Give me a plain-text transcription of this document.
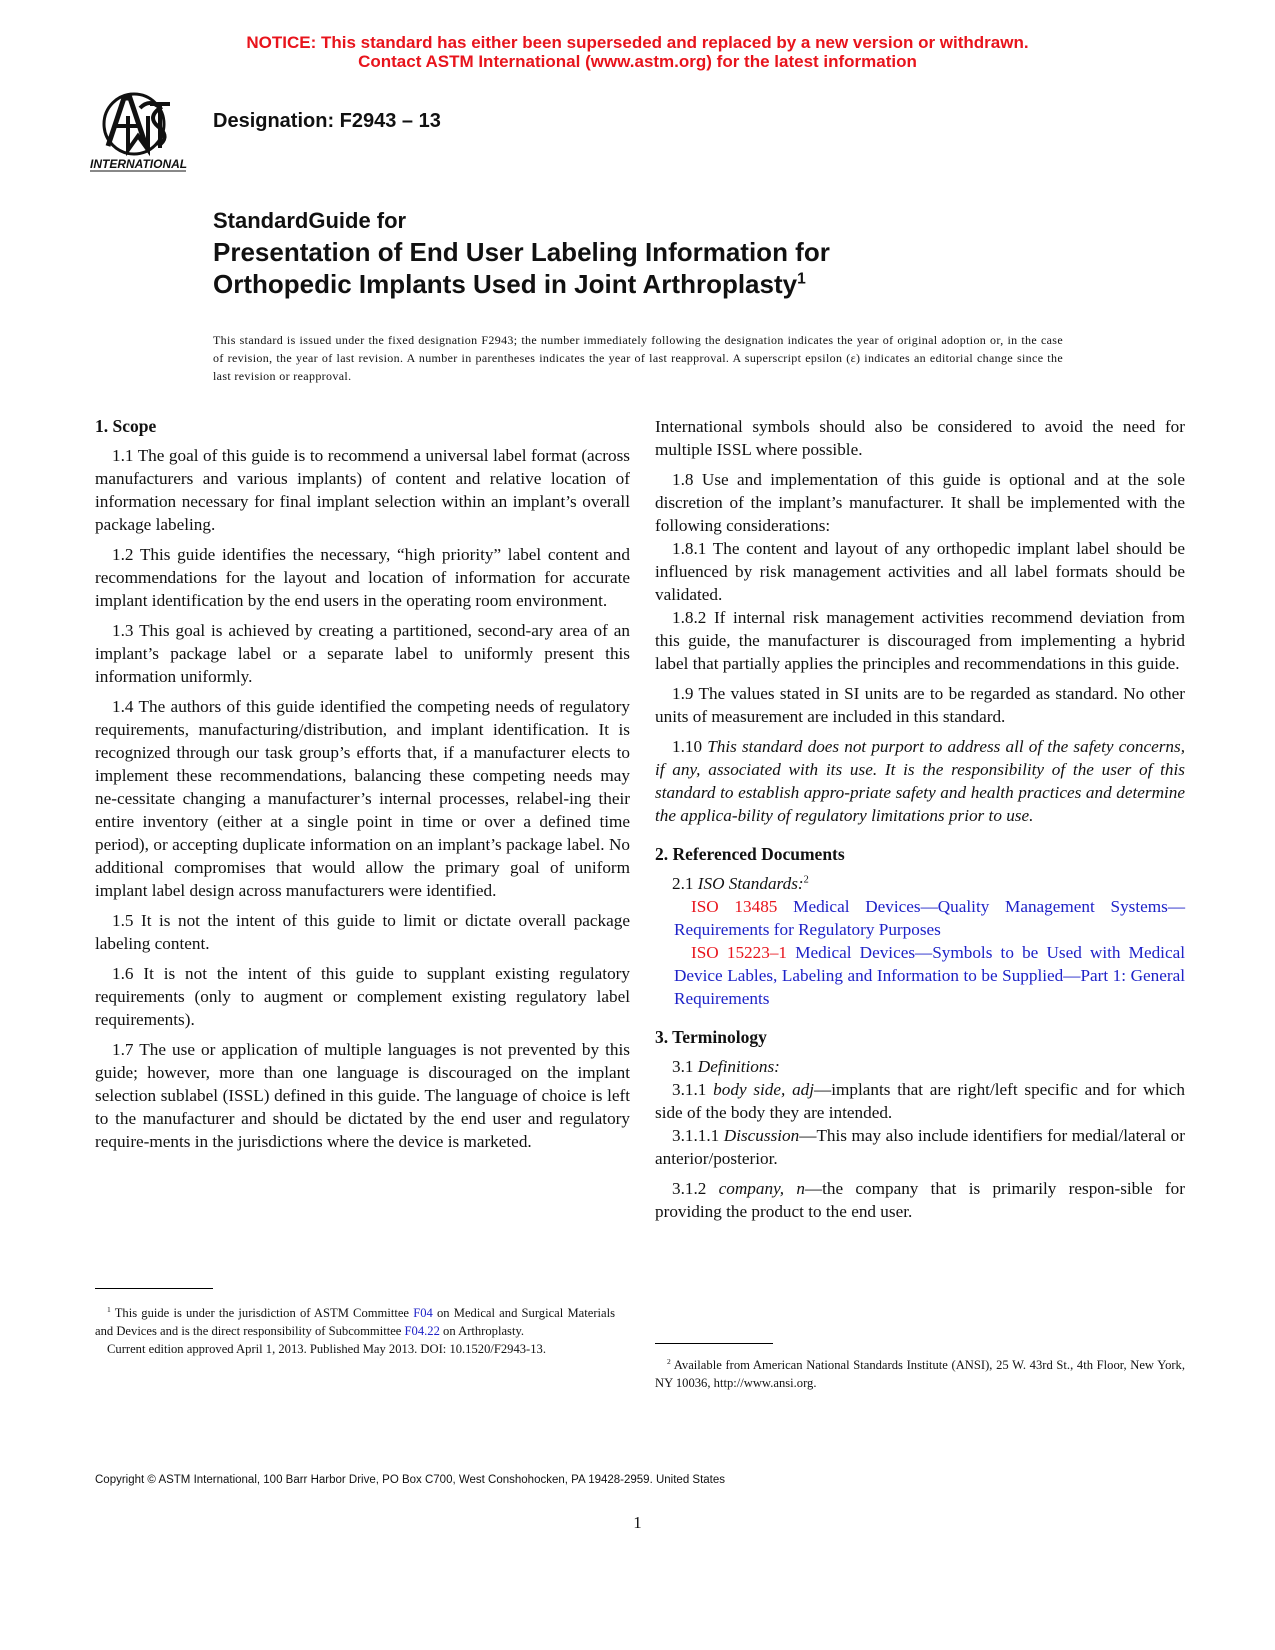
NOTICE: This standard has either been superseded and replaced by a new version or withdrawn.
Contact ASTM International (www.astm.org) for the latest information
INTERNATIONAL
Designation: F2943 – 13
StandardGuide for
Presentation of End User Labeling Information for
Orthopedic Implants Used in Joint Arthroplasty$^1$
This standard is issued under the fixed designation F2943; the number immediately following the designation indicates the year of original adoption or, in the case of revision, the year of last revision. A number in parentheses indicates the year of last reapproval. A superscript epsilon (ε) indicates an editorial change since the last revision or reapproval.
1. Scope

1.1 The goal of this guide is to recommend a universal label format (across manufacturers and various implants) of content and relative location of information necessary for final implant selection within an implant’s overall package labeling.

1.2 This guide identifies the necessary, “high priority” label content and recommendations for the layout and location of information for accurate implant identification by the end users in the operating room environment.

1.3 This goal is achieved by creating a partitioned, second-ary area of an implant’s package label or a separate label to uniformly present this information uniformly.

1.4 The authors of this guide identified the competing needs of regulatory requirements, manufacturing/distribution, and implant identification. It is recognized through our task group’s efforts that, if a manufacturer elects to implement these recommendations, balancing these competing needs may ne-cessitate changing a manufacturer’s internal processes, relabel-ing their entire inventory (either at a single point in time or over a defined time period), or accepting duplicate information on an implant’s package label. No additional compromises that would allow the primary goal of uniform implant label design across manufacturers were identified.

1.5 It is not the intent of this guide to limit or dictate overall package labeling content.

1.6 It is not the intent of this guide to supplant existing regulatory requirements (only to augment or complement existing regulatory label requirements).

1.7 The use or application of multiple languages is not prevented by this guide; however, more than one language is discouraged on the implant selection sublabel (ISSL) defined in this guide. The language of choice is left to the manufacturer and should be dictated by the end user and regulatory require-ments in the jurisdictions where the device is marketed.

International symbols should also be considered to avoid the need for multiple ISSL where possible.

1.8 Use and implementation of this guide is optional and at the sole discretion of the implant’s manufacturer. It shall be implemented with the following considerations:

1.8.1 The content and layout of any orthopedic implant label should be influenced by risk management activities and all label formats should be validated.

1.8.2 If internal risk management activities recommend deviation from this guide, the manufacturer is discouraged from implementing a hybrid label that partially applies the principles and recommendations in this guide.

1.9 The values stated in SI units are to be regarded as standard. No other units of measurement are included in this standard.

1.10 This standard does not purport to address all of the safety concerns, if any, associated with its use. It is the responsibility of the user of this standard to establish appro-priate safety and health practices and determine the applica-bility of regulatory limitations prior to use.

2. Referenced Documents

2.1 ISO Standards:$^2$

ISO 13485 Medical Devices—Quality Management Systems—Requirements for Regulatory Purposes

ISO 15223–1 Medical Devices—Symbols to be Used with Medical Device Lables, Labeling and Information to be Supplied—Part 1: General Requirements

3. Terminology

3.1 Definitions:

3.1.1 body side, adj—implants that are right/left specific and for which side of the body they are intended.

3.1.1.1 Discussion—This may also include identifiers for medial/lateral or anterior/posterior.

3.1.2 company, n—the company that is primarily respon-sible for providing the product to the end user.

$^1$ This guide is under the jurisdiction of ASTM Committee F04 on Medical and Surgical Materials and Devices and is the direct responsibility of Subcommittee F04.22 on Arthroplasty.

Current edition approved April 1, 2013. Published May 2013. DOI: 10.1520/F2943-13.

$^2$ Available from American National Standards Institute (ANSI), 25 W. 43rd St., 4th Floor, New York, NY 10036, http://www.ansi.org.

Copyright © ASTM International, 100 Barr Harbor Drive, PO Box C700, West Conshohocken, PA 19428-2959. United States
1
